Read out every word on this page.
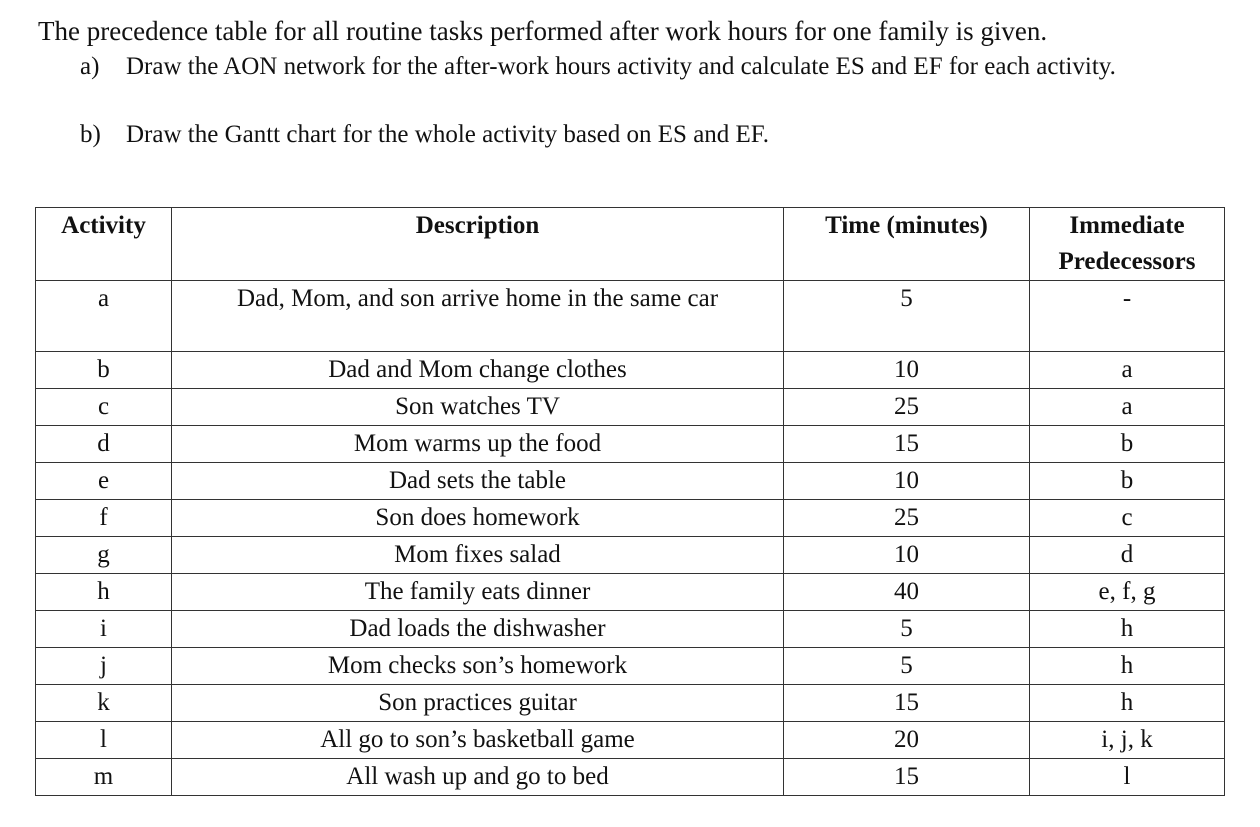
The precedence table for all routine tasks performed after work hours for one family is given.
a) Draw the AON network for the after-work hours activity and calculate ES and EF for each activity.
b) Draw the Gantt chart for the whole activity based on ES and EF.
Activity	Description	Time (minutes)	Immediate Predecessors
a	Dad, Mom, and son arrive home in the same car	5	-
b	Dad and Mom change clothes	10	a
c	Son watches TV	25	a
d	Mom warms up the food	15	b
e	Dad sets the table	10	b
f	Son does homework	25	c
g	Mom fixes salad	10	d
h	The family eats dinner	40	e, f, g
i	Dad loads the dishwasher	5	h
j	Mom checks son’s homework	5	h
k	Son practices guitar	15	h
l	All go to son’s basketball game	20	i, j, k
m	All wash up and go to bed	15	l
